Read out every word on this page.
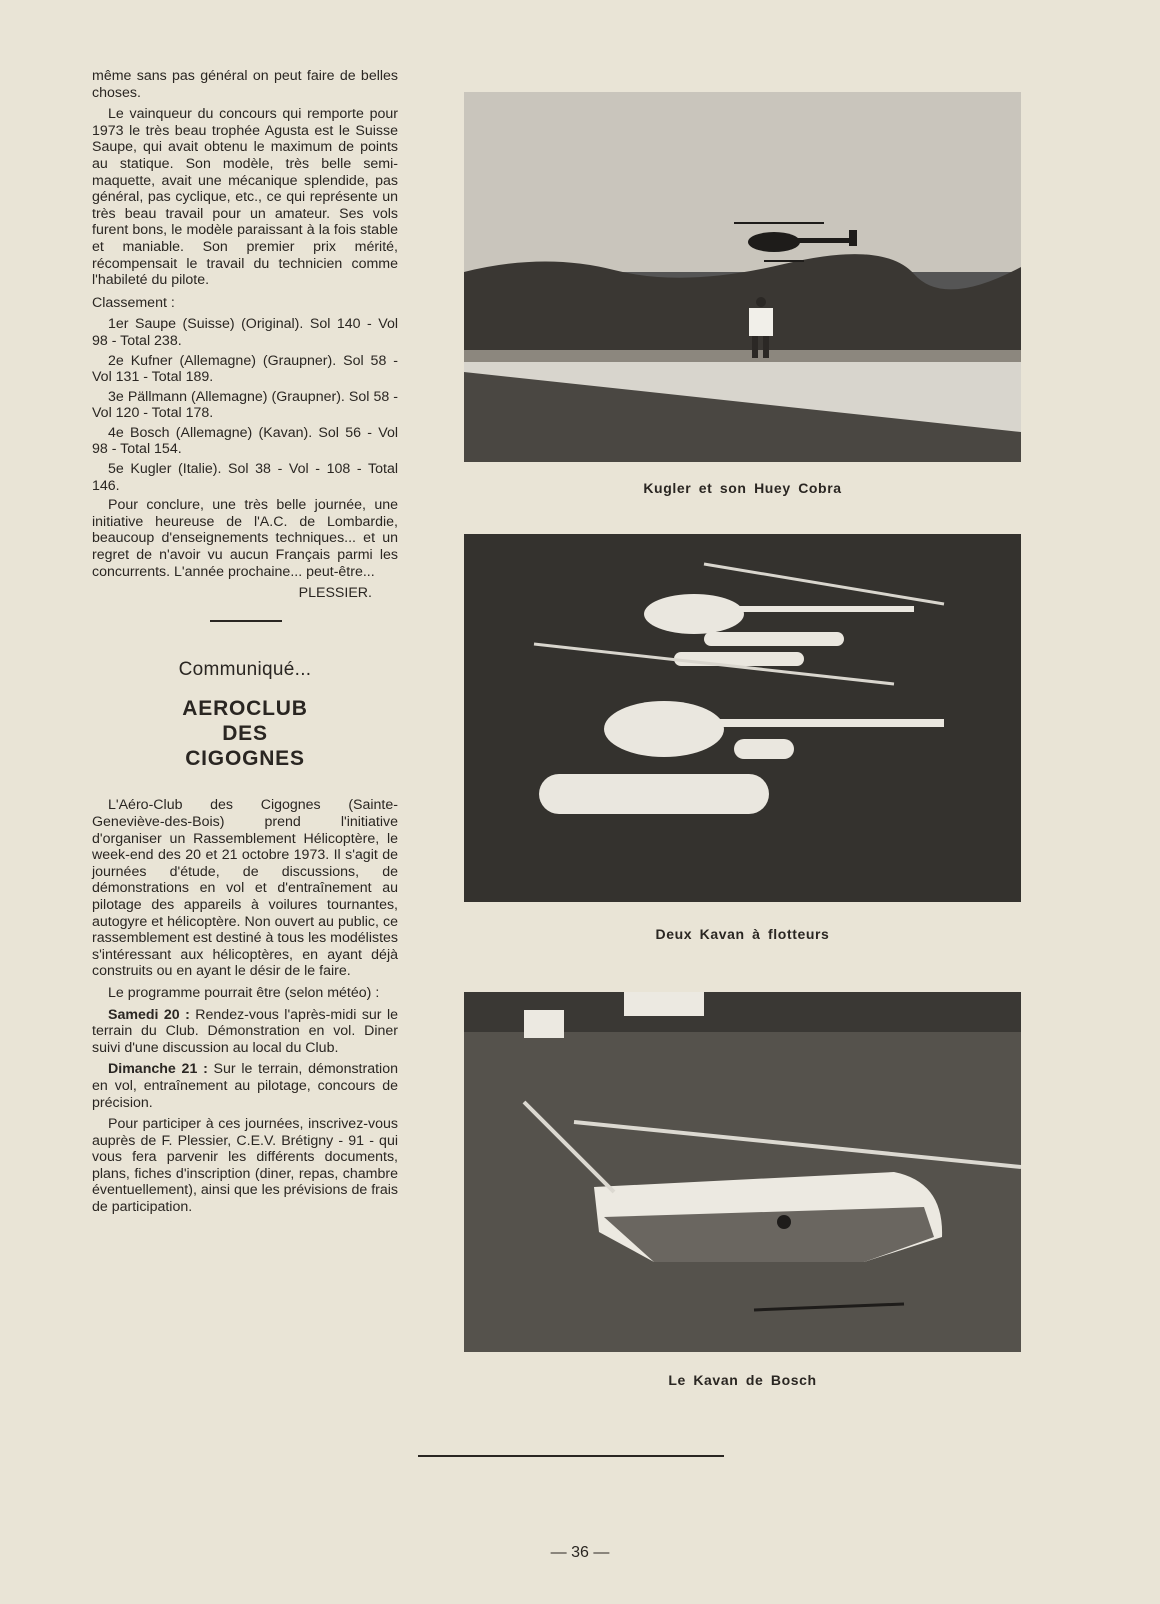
même sans pas général on peut faire de belles choses.

Le vainqueur du concours qui remporte pour 1973 le très beau trophée Agusta est le Suisse Saupe, qui avait obtenu le maximum de points au statique. Son modèle, très belle semi-maquette, avait une mécanique splendide, pas général, pas cyclique, etc., ce qui représente un très beau travail pour un amateur. Ses vols furent bons, le modèle paraissant à la fois stable et maniable. Son premier prix mérité, récompensait le travail du technicien comme l'habileté du pilote.

Classement :

1er Saupe (Suisse) (Original). Sol 140 - Vol 98 - Total 238.

2e Kufner (Allemagne) (Graupner). Sol 58 - Vol 131 - Total 189.

3e Pällmann (Allemagne) (Graupner). Sol 58 - Vol 120 - Total 178.

4e Bosch (Allemagne) (Kavan). Sol 56 - Vol 98 - Total 154.

5e Kugler (Italie). Sol 38 - Vol - 108 - Total 146.

Pour conclure, une très belle journée, une initiative heureuse de l'A.C. de Lombardie, beaucoup d'enseignements techniques... et un regret de n'avoir vu aucun Français parmi les concurrents. L'année prochaine... peut-être...

PLESSIER.
Communiqué...
AEROCLUB
DES
CIGOGNES

L'Aéro-Club des Cigognes (Sainte-Geneviève-des-Bois) prend l'initiative d'organiser un Rassemblement Hélicoptère, le week-end des 20 et 21 octobre 1973. Il s'agit de journées d'étude, de discussions, de démonstrations en vol et d'entraînement au pilotage des appareils à voilures tournantes, autogyre et hélicoptère. Non ouvert au public, ce rassemblement est destiné à tous les modélistes s'intéressant aux hélicoptères, en ayant déjà construits ou en ayant le désir de le faire.

Le programme pourrait être (selon météo) :

Samedi 20 : Rendez-vous l'après-midi sur le terrain du Club. Démonstration en vol. Diner suivi d'une discussion au local du Club.

Dimanche 21 : Sur le terrain, démonstration en vol, entraînement au pilotage, concours de précision.

Pour participer à ces journées, inscrivez-vous auprès de F. Plessier, C.E.V. Brétigny - 91 - qui vous fera parvenir les différents documents, plans, fiches d'inscription (diner, repas, chambre éventuellement), ainsi que les prévisions de frais de participation.

Kugler et son Huey Cobra
Deux Kavan à flotteurs
Le Kavan de Bosch
— 36 —
